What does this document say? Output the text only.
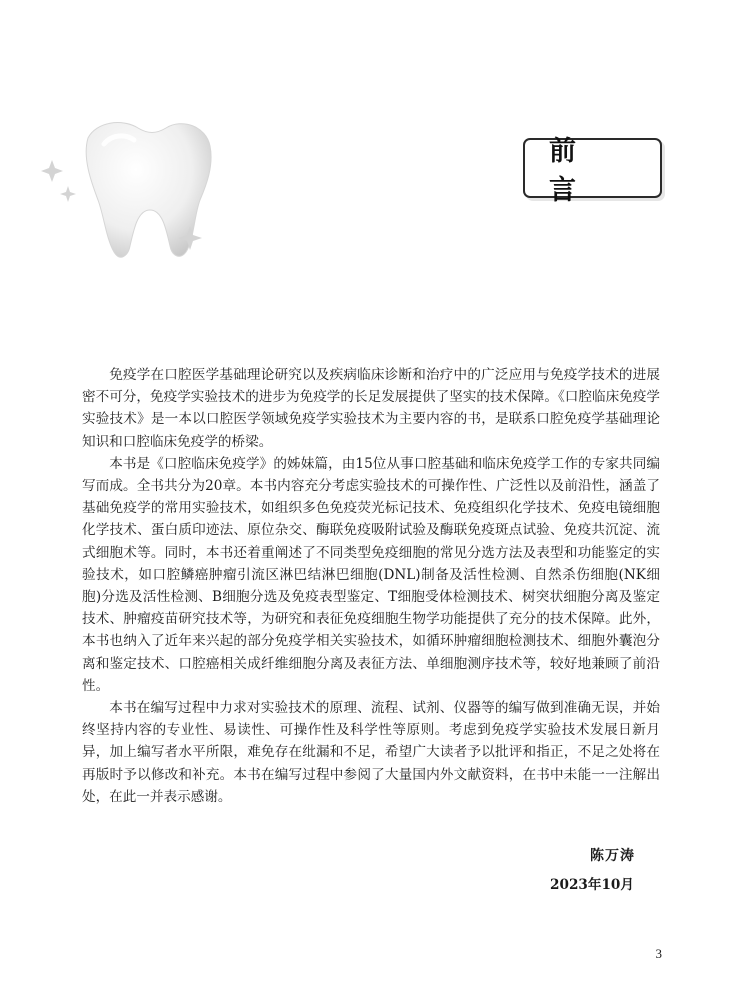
前 言

免疫学在口腔医学基础理论研究以及疾病临床诊断和治疗中的广泛应用与免疫学技术的进展密不可分，免疫学实验技术的进步为免疫学的长足发展提供了坚实的技术保障。《口腔临床免疫学实验技术》是一本以口腔医学领域免疫学实验技术为主要内容的书，是联系口腔免疫学基础理论知识和口腔临床免疫学的桥梁。

本书是《口腔临床免疫学》的姊妹篇，由15位从事口腔基础和临床免疫学工作的专家共同编写而成。全书共分为20章。本书内容充分考虑实验技术的可操作性、广泛性以及前沿性，涵盖了基础免疫学的常用实验技术，如组织多色免疫荧光标记技术、免疫组织化学技术、免疫电镜细胞化学技术、蛋白质印迹法、原位杂交、酶联免疫吸附试验及酶联免疫斑点试验、免疫共沉淀、流式细胞术等。同时，本书还着重阐述了不同类型免疫细胞的常见分选方法及表型和功能鉴定的实验技术，如口腔鳞癌肿瘤引流区淋巴结淋巴细胞(DNL)制备及活性检测、自然杀伤细胞(NK细胞)分选及活性检测、B细胞分选及免疫表型鉴定、T细胞受体检测技术、树突状细胞分离及鉴定技术、肿瘤疫苗研究技术等，为研究和表征免疫细胞生物学功能提供了充分的技术保障。此外，本书也纳入了近年来兴起的部分免疫学相关实验技术，如循环肿瘤细胞检测技术、细胞外囊泡分离和鉴定技术、口腔癌相关成纤维细胞分离及表征方法、单细胞测序技术等，较好地兼顾了前沿性。

本书在编写过程中力求对实验技术的原理、流程、试剂、仪器等的编写做到准确无误，并始终坚持内容的专业性、易读性、可操作性及科学性等原则。考虑到免疫学实验技术发展日新月异，加上编写者水平所限，难免存在纰漏和不足，希望广大读者予以批评和指正，不足之处将在再版时予以修改和补充。本书在编写过程中参阅了大量国内外文献资料，在书中未能一一注解出处，在此一并表示感谢。

陈万涛
2023年10月
3
